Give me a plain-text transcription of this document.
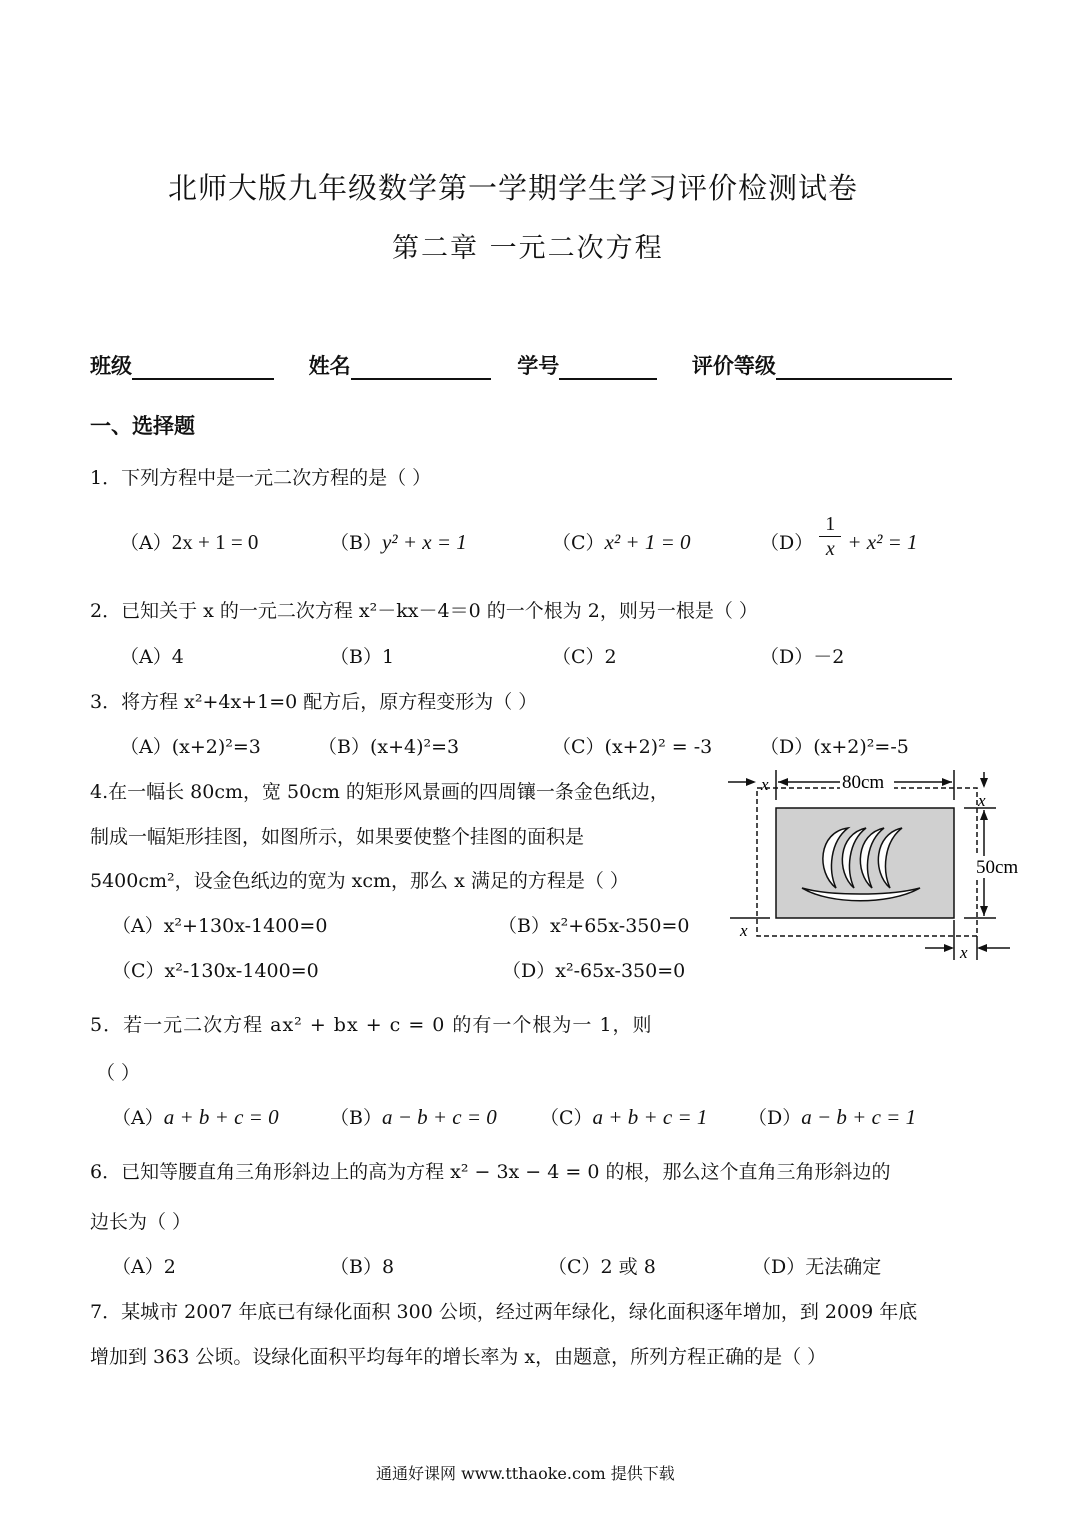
北师大版九年级数学第一学期学生学习评价检测试卷
第二章 一元二次方程
班级	姓名	学号	评价等级
一、选择题
1．下列方程中是一元二次方程的是（ ）
（A）2x + 1 = 0	（B）y² + x = 1	（C）x² + 1 = 0	$(D) \frac{1}{x} + x^2 = 1$
2．已知关于 x 的一元二次方程 x²－kx－4＝0 的一个根为 2，则另一根是（ ）
（A）4	（B）1	（C）2	（D）－2
3．将方程 x²+4x+1=0 配方后，原方程变形为（ ）
（A）(x+2)²=3	（B）(x+4)²=3	（C）(x+2)² = -3	（D）(x+2)²=-5
4.在一幅长 80cm，宽 50cm 的矩形风景画的四周镶一条金色纸边，
制成一幅矩形挂图，如图所示，如果要使整个挂图的面积是
5400cm²，设金色纸边的宽为 xcm，那么 x 满足的方程是（ ）
（A）x²+130x-1400=0	（B）x²+65x-350=0
（C）x²-130x-1400=0	（D）x²-65x-350=0
80cm
x
x
50cm
x
x
5．若一元二次方程 ax² + bx + c = 0 的有一个根为一 1，则
（ ）
（A）a + b + c = 0	（B）a − b + c = 0 （C）a + b + c = 1 （D）a − b + c = 1
6．已知等腰直角三角形斜边上的高为方程 x² − 3x − 4 = 0 的根，那么这个直角三角形斜边的
边长为（ ）
（A）2	（B）8	（C）2 或 8	（D）无法确定
7．某城市 2007 年底已有绿化面积 300 公顷，经过两年绿化，绿化面积逐年增加，到 2009 年底
增加到 363 公顷。设绿化面积平均每年的增长率为 x，由题意，所列方程正确的是（ ）
通通好课网 www.tthaoke.com 提供下载
